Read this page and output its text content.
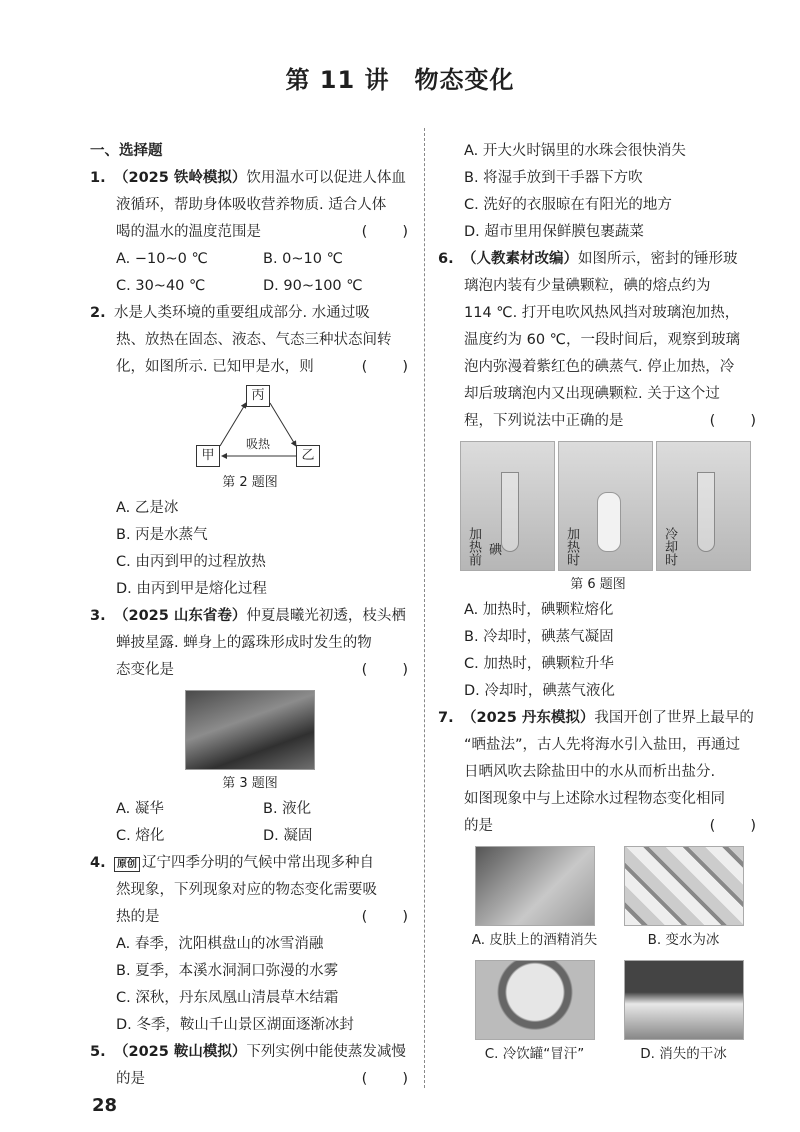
第 11 讲　物态变化
一、选择题
1. （2025 铁岭模拟）饮用温水可以促进人体血
液循环，帮助身体吸收营养物质. 适合人体
喝的温水的温度范围是	(　　)
A. −10~0 ℃	B. 0~10 ℃
C. 30~40 ℃	D. 90~100 ℃
2. 水是人类环境的重要组成部分. 水通过吸
热、放热在固态、液态、气态三种状态间转
化，如图所示. 已知甲是水，则	(　　)
丙
甲	乙
吸热
第 2 题图
A. 乙是冰
B. 丙是水蒸气
C. 由丙到甲的过程放热
D. 由丙到甲是熔化过程
3. （2025 山东省卷）仲夏晨曦光初透，枝头栖
蝉披星露. 蝉身上的露珠形成时发生的物
态变化是	(　　)
第 3 题图
A. 凝华	B. 液化
C. 熔化	D. 凝固
4. 原创 辽宁四季分明的气候中常出现多种自
然现象，下列现象对应的物态变化需要吸
热的是	(　　)
A. 春季，沈阳棋盘山的冰雪消融
B. 夏季，本溪水洞洞口弥漫的水雾
C. 深秋，丹东凤凰山清晨草木结霜
D. 冬季，鞍山千山景区湖面逐渐冰封
5. （2025 鞍山模拟）下列实例中能使蒸发减慢
的是	(　　)
A. 开大火时锅里的水珠会很快消失
B. 将湿手放到干手器下方吹
C. 洗好的衣服晾在有阳光的地方
D. 超市里用保鲜膜包裹蔬菜
6. （人教素材改编）如图所示，密封的锤形玻
璃泡内装有少量碘颗粒，碘的熔点约为
114 ℃. 打开电吹风热风挡对玻璃泡加热，
温度约为 60 ℃，一段时间后，观察到玻璃
泡内弥漫着紫红色的碘蒸气. 停止加热，冷
却后玻璃泡内又出现碘颗粒. 关于这个过
程，下列说法中正确的是	(　　)
加热前 碘	加热时	冷却时
第 6 题图
A. 加热时，碘颗粒熔化
B. 冷却时，碘蒸气凝固
C. 加热时，碘颗粒升华
D. 冷却时，碘蒸气液化
7. （2025 丹东模拟）我国开创了世界上最早的
“晒盐法”，古人先将海水引入盐田，再通过
日晒风吹去除盐田中的水从而析出盐分.
如图现象中与上述除水过程物态变化相同
的是	(　　)
A. 皮肤上的酒精消失	B. 变水为冰
C. 冷饮罐“冒汗”	D. 消失的干冰
28
